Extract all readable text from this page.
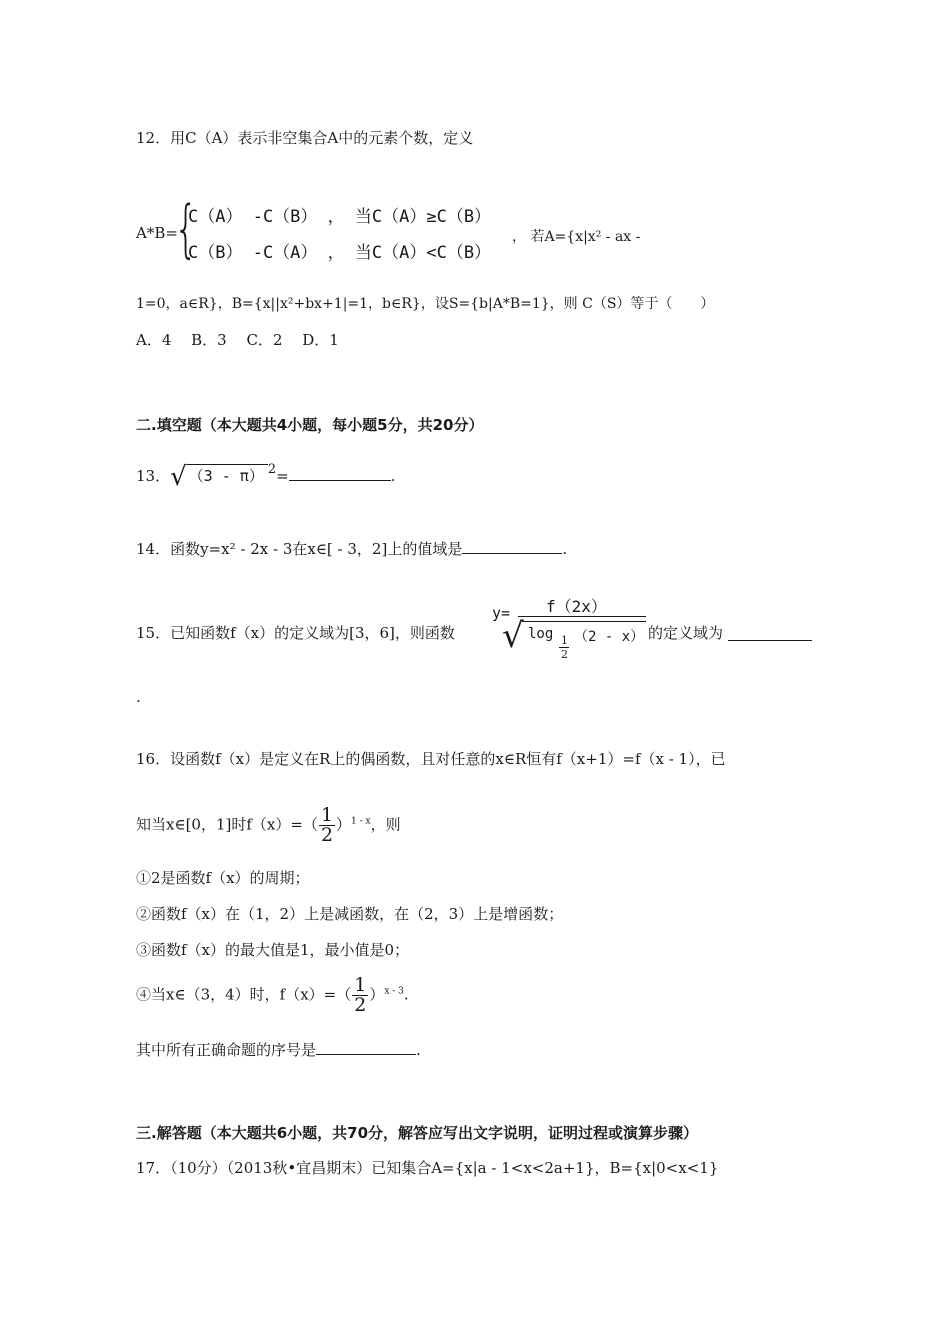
12．用C（A）表示非空集合A中的元素个数，定义
A*B=
{
C（A） -C（B） ， 当C（A）≥C（B）
C（B） -C（A） ， 当C（A）<C（B）
， 若A={x|x² - ax -
1=0，a∈R}，B={x||x²+bx+1|=1，b∈R}，设S={b|A*B=1}，则 C（S）等于（　　）
A．4　 B．3　 C．2　 D．1
二.填空题（本大题共4小题，每小题5分，共20分）
13．√ （3 - π） 2=	.
14．函数y=x² - 2x - 3在x∈[ - 3，2]上的值域是	.
15．已知函数f（x）的定义域为[3，6]，则函数
y= f（2x）
√ log 1
2
（2 - x） 的定义域为
.
16．设函数f（x）是定义在R上的偶函数，且对任意的x∈R恒有f（x+1）=f（x - 1），已
知当x∈[0，1]时$f(x)=( \frac{1}{2} )^{1 - x}$，则
①2是函数f（x）的周期；
②函数f（x）在（1，2）上是减函数，在（2，3）上是增函数；
③函数f（x）的最大值是1，最小值是0；
④当x∈（3，4）时，$f(x)=( \frac{1}{2} )^{x - 3}$.
其中所有正确命题的序号是	.
三.解答题（本大题共6小题，共70分，解答应写出文字说明，证明过程或演算步骤）
17．（10分）（2013秋•宜昌期末）已知集合A={x|a - 1<x<2a+1}，B={x|0<x<1}
